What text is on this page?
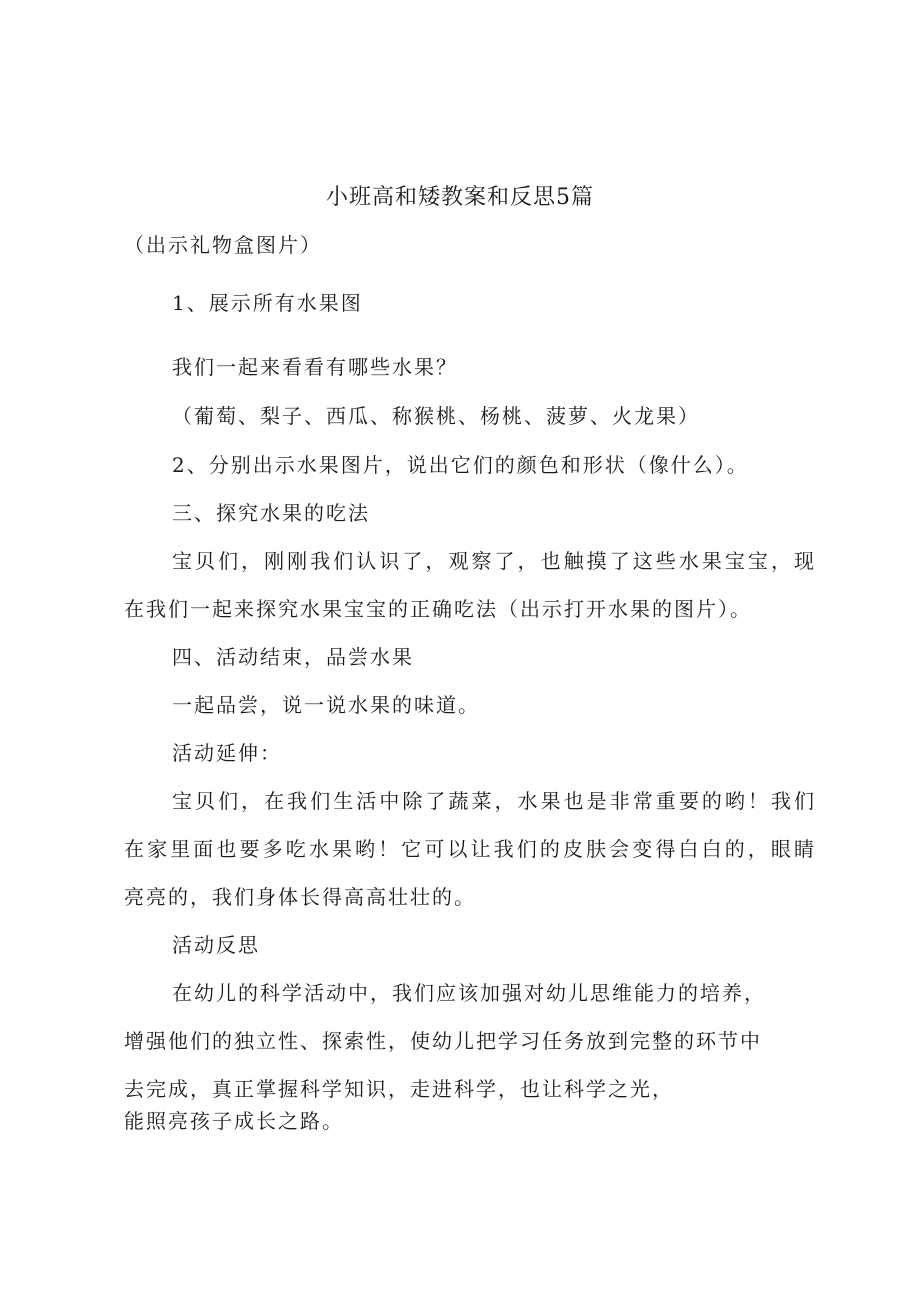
小班高和矮教案和反思5篇
（出示礼物盒图片）
1、展示所有水果图
我们一起来看看有哪些水果？
（葡萄、梨子、西瓜、称猴桃、杨桃、菠萝、火龙果）
2、分别出示水果图片，说出它们的颜色和形状（像什么）。
三、探究水果的吃法
宝贝们，刚刚我们认识了，观察了，也触摸了这些水果宝宝，现
在我们一起来探究水果宝宝的正确吃法（出示打开水果的图片）。
四、活动结束，品尝水果
一起品尝，说一说水果的味道。
活动延伸：
宝贝们，在我们生活中除了蔬菜，水果也是非常重要的哟！我们
在家里面也要多吃水果哟！它可以让我们的皮肤会变得白白的，眼睛
亮亮的，我们身体长得高高壮壮的。
活动反思
在幼儿的科学活动中，我们应该加强对幼儿思维能力的培养，
增强他们的独立性、探索性，使幼儿把学习任务放到完整的环节中
去完成，真正掌握科学知识，走进科学，也让科学之光，
能照亮孩子成长之路。
